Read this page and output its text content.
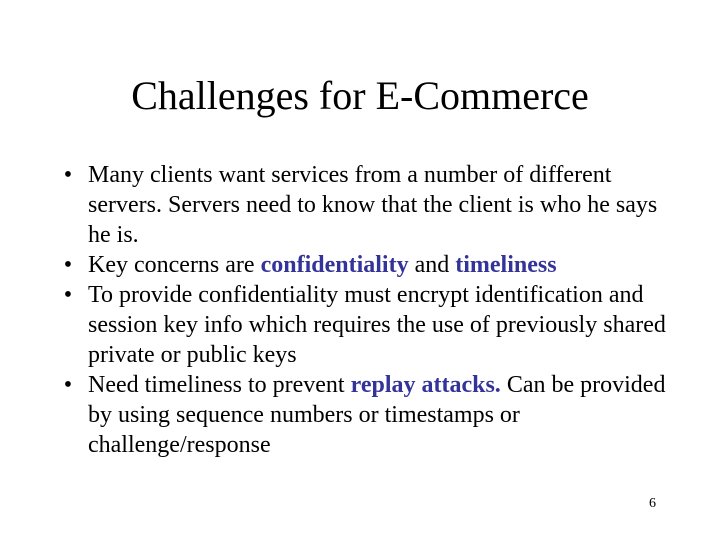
Challenges for E-Commerce
• Many clients want services from a number of different servers. Servers need to know that the client is who he says he is.
• Key concerns are confidentiality and timeliness
• To provide confidentiality must encrypt identification and session key info which requires the use of previously shared private or public keys
• Need timeliness to prevent replay attacks. Can be provided by using sequence numbers or timestamps or challenge/response
6
